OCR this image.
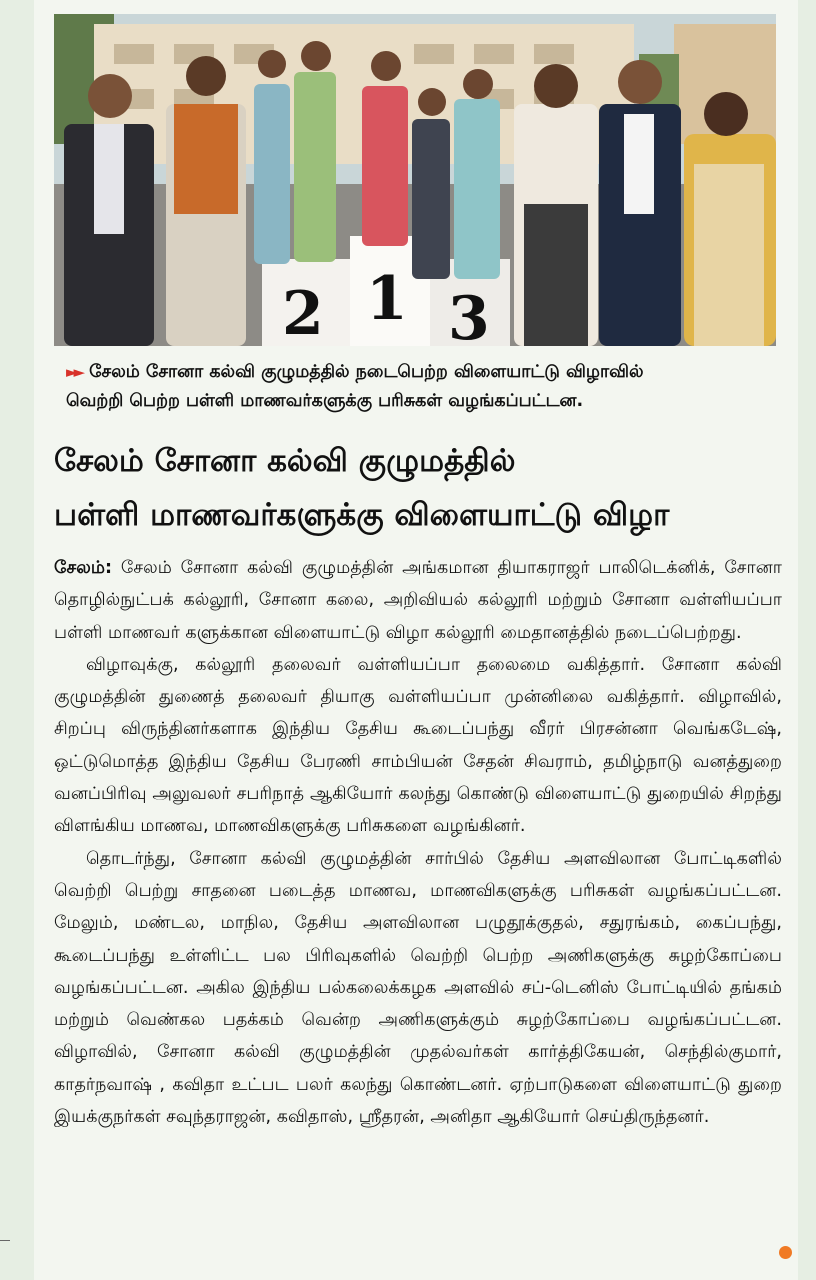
2 1 3
►► சேலம் சோனா கல்வி குழுமத்தில் நடைபெற்ற விளையாட்டு விழாவில்
வெற்றி பெற்ற பள்ளி மாணவர்களுக்கு பரிசுகள் வழங்கப்பட்டன.
சேலம் சோனா கல்வி குழுமத்தில்
பள்ளி மாணவர்களுக்கு விளையாட்டு விழா

சேலம்: சேலம் சோனா கல்வி குழுமத்தின் அங்கமான தியாகராஜர் பாலிடெக்னிக், சோனா தொழில்நுட்பக் கல்லூரி, சோனா கலை, அறிவியல் கல்லூரி மற்றும் சோனா வள்ளியப்பா பள்ளி மாணவர் களுக்கான விளையாட்டு விழா கல்லூரி மைதானத்தில் நடைப்பெற்றது.

விழாவுக்கு, கல்லூரி தலைவர் வள்ளியப்பா தலைமை வகித்தார். சோனா கல்வி குழுமத்தின் துணைத் தலைவர் தியாகு வள்ளியப்பா முன்னிலை வகித்தார். விழாவில், சிறப்பு விருந்தினர்களாக இந்திய தேசிய கூடைப்பந்து வீரர் பிரசன்னா வெங்கடேஷ், ஒட்டுமொத்த இந்திய தேசிய பேரணி சாம்பியன் சேதன் சிவராம், தமிழ்நாடு வனத்துறை வனப்பிரிவு அலுவலர் சபரிநாத் ஆகியோர் கலந்து கொண்டு விளையாட்டு துறையில் சிறந்து விளங்கிய மாணவ, மாணவிகளுக்கு பரிசுகளை வழங்கினர்.

தொடர்ந்து, சோனா கல்வி குழுமத்தின் சார்பில் தேசிய அளவிலான போட்டிகளில் வெற்றி பெற்று சாதனை படைத்த மாணவ, மாணவிகளுக்கு பரிசுகள் வழங்கப்பட்டன. மேலும், மண்டல, மாநில, தேசிய அளவிலான பழுதூக்குதல், சதுரங்கம், கைப்பந்து, கூடைப்பந்து உள்ளிட்ட பல பிரிவுகளில் வெற்றி பெற்ற அணிகளுக்கு சுழற்கோப்பை வழங்கப்பட்டன. அகில இந்திய பல்கலைக்கழக அளவில் சப்-டெனிஸ் போட்டியில் தங்கம் மற்றும் வெண்கல பதக்கம் வென்ற அணிகளுக்கும் சுழற்கோப்பை வழங்கப்பட்டன. விழாவில், சோனா கல்வி குழுமத்தின் முதல்வர்கள் கார்த்திகேயன், செந்தில்குமார், காதர்நவாஷ் , கவிதா உட்பட பலர் கலந்து கொண்டனர். ஏற்பாடுகளை விளையாட்டு துறை இயக்குநர்கள் சவுந்தராஜன், கவிதாஸ், ஶ்ரீதரன், அனிதா ஆகியோர் செய்திருந்தனர்.
